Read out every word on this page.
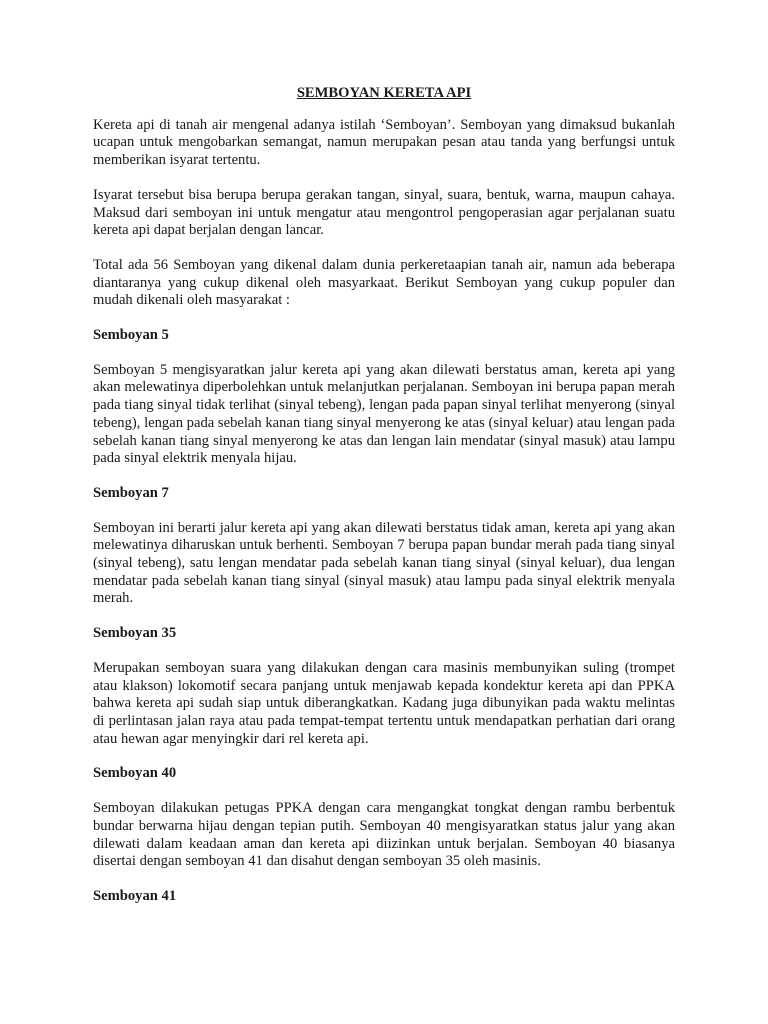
SEMBOYAN KERETA API

Kereta api di tanah air mengenal adanya istilah ‘Semboyan’. Semboyan yang dimaksud bukanlah ucapan untuk mengobarkan semangat, namun merupakan pesan atau tanda yang berfungsi untuk memberikan isyarat tertentu.

Isyarat tersebut bisa berupa berupa gerakan tangan, sinyal, suara, bentuk, warna, maupun cahaya. Maksud dari semboyan ini untuk mengatur atau mengontrol pengoperasian agar perjalanan suatu kereta api dapat berjalan dengan lancar.

Total ada 56 Semboyan yang dikenal dalam dunia perkeretaapian tanah air, namun ada beberapa diantaranya yang cukup dikenal oleh masyarkaat. Berikut Semboyan yang cukup populer dan mudah dikenali oleh masyarakat :

Semboyan 5

Semboyan 5 mengisyaratkan jalur kereta api yang akan dilewati berstatus aman, kereta api yang akan melewatinya diperbolehkan untuk melanjutkan perjalanan. Semboyan ini berupa papan merah pada tiang sinyal tidak terlihat (sinyal tebeng), lengan pada papan sinyal terlihat menyerong (sinyal tebeng), lengan pada sebelah kanan tiang sinyal menyerong ke atas (sinyal keluar) atau lengan pada sebelah kanan tiang sinyal menyerong ke atas dan lengan lain mendatar (sinyal masuk) atau lampu pada sinyal elektrik menyala hijau.

Semboyan 7

Semboyan ini berarti jalur kereta api yang akan dilewati berstatus tidak aman, kereta api yang akan melewatinya diharuskan untuk berhenti. Semboyan 7 berupa papan bundar merah pada tiang sinyal (sinyal tebeng), satu lengan mendatar pada sebelah kanan tiang sinyal (sinyal keluar), dua lengan mendatar pada sebelah kanan tiang sinyal (sinyal masuk) atau lampu pada sinyal elektrik menyala merah.

Semboyan 35

Merupakan semboyan suara yang dilakukan dengan cara masinis membunyikan suling (trompet atau klakson) lokomotif secara panjang untuk menjawab kepada kondektur kereta api dan PPKA bahwa kereta api sudah siap untuk diberangkatkan. Kadang juga dibunyikan pada waktu melintas di perlintasan jalan raya atau pada tempat-tempat tertentu untuk mendapatkan perhatian dari orang atau hewan agar menyingkir dari rel kereta api.

Semboyan 40

Semboyan dilakukan petugas PPKA dengan cara mengangkat tongkat dengan rambu berbentuk bundar berwarna hijau dengan tepian putih. Semboyan 40 mengisyaratkan status jalur yang akan dilewati dalam keadaan aman dan kereta api diizinkan untuk berjalan. Semboyan 40 biasanya disertai dengan semboyan 41 dan disahut dengan semboyan 35 oleh masinis.

Semboyan 41
